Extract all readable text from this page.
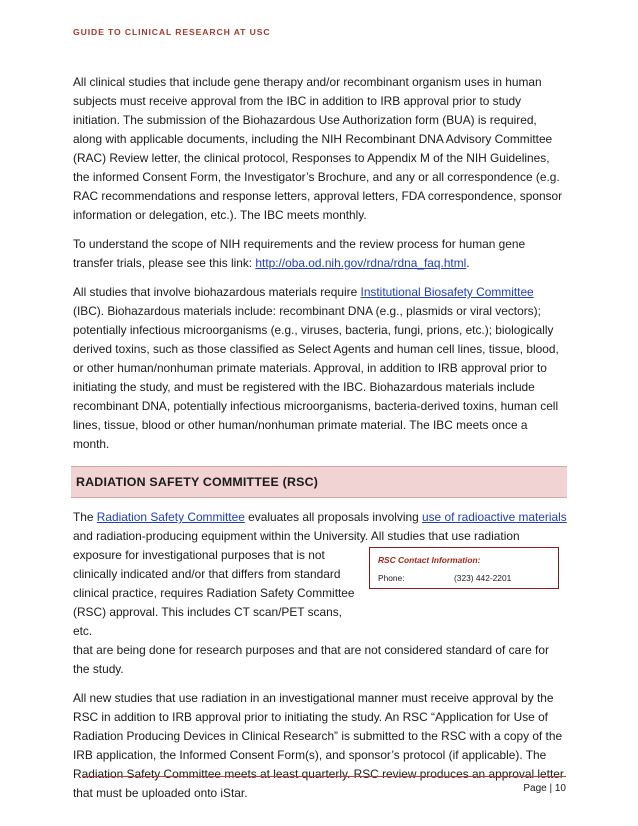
GUIDE TO CLINICAL RESEARCH AT USC

All clinical studies that include gene therapy and/or recombinant organism uses in human subjects must receive approval from the IBC in addition to IRB approval prior to study initiation. The submission of the Biohazardous Use Authorization form (BUA) is required, along with applicable documents, including the NIH Recombinant DNA Advisory Committee (RAC) Review letter, the clinical protocol, Responses to Appendix M of the NIH Guidelines, the informed Consent Form, the Investigator’s Brochure, and any or all correspondence (e.g. RAC recommendations and response letters, approval letters, FDA correspondence, sponsor information or delegation, etc.). The IBC meets monthly.

To understand the scope of NIH requirements and the review process for human gene transfer trials, please see this link: http://oba.od.nih.gov/rdna/rdna_faq.html.

All studies that involve biohazardous materials require Institutional Biosafety Committee (IBC). Biohazardous materials include: recombinant DNA (e.g., plasmids or viral vectors); potentially infectious microorganisms (e.g., viruses, bacteria, fungi, prions, etc.); biologically derived toxins, such as those classified as Select Agents and human cell lines, tissue, blood, or other human/nonhuman primate materials. Approval, in addition to IRB approval prior to initiating the study, and must be registered with the IBC. Biohazardous materials include recombinant DNA, potentially infectious microorganisms, bacteria-derived toxins, human cell lines, tissue, blood or other human/nonhuman primate material. The IBC meets once a month.

RADIATION SAFETY COMMITTEE (RSC)

The Radiation Safety Committee evaluates all proposals involving use of radioactive materials
and radiation-producing equipment within the University. All studies that use radiation
exposure for investigational purposes that is not clinically indicated and/or that differs from standard clinical practice, requires Radiation Safety Committee (RSC) approval. This includes CT scan/PET scans, etc.

that are being done for research purposes and that are not considered standard of care for the study.

RSC Contact Information:
Phone:	(323) 442-2201

All new studies that use radiation in an investigational manner must receive approval by the RSC in addition to IRB approval prior to initiating the study. An RSC “Application for Use of Radiation Producing Devices in Clinical Research” is submitted to the RSC with a copy of the IRB application, the Informed Consent Form(s), and sponsor’s protocol (if applicable). The Radiation Safety Committee meets at least quarterly. RSC review produces an approval letter that must be uploaded onto iStar.	Page | 10
